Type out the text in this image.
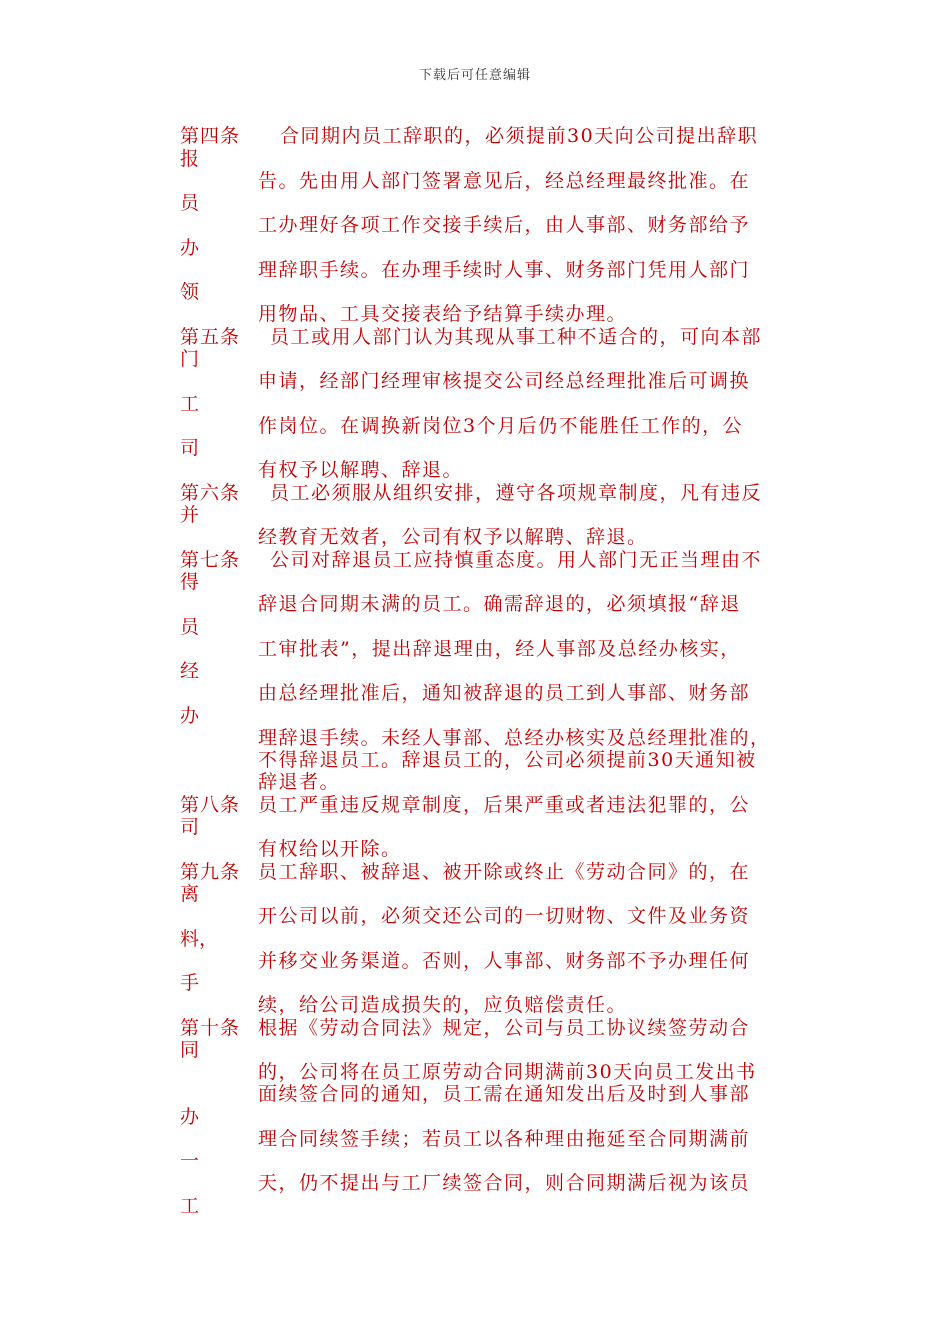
下载后可任意编辑
第四条 合同期内员工辞职的，必须提前30天向公司提出辞职
报
告。先由用人部门签署意见后，经总经理最终批准。在
员
工办理好各项工作交接手续后，由人事部、财务部给予
办
理辞职手续。在办理手续时人事、财务部门凭用人部门
领
用物品、工具交接表给予结算手续办理。
第五条 员工或用人部门认为其现从事工种不适合的，可向本部
门
申请，经部门经理审核提交公司经总经理批准后可调换
工
作岗位。在调换新岗位3个月后仍不能胜任工作的，公
司
有权予以解聘、辞退。
第六条 员工必须服从组织安排，遵守各项规章制度，凡有违反
并
经教育无效者，公司有权予以解聘、辞退。
第七条 公司对辞退员工应持慎重态度。用人部门无正当理由不
得
辞退合同期未满的员工。确需辞退的，必须填报“辞退
员
工审批表”，提出辞退理由，经人事部及总经办核实，
经
由总经理批准后，通知被辞退的员工到人事部、财务部
办
理辞退手续。未经人事部、总经办核实及总经理批准的，
不得辞退员工。辞退员工的，公司必须提前30天通知被
辞退者。
第八条 员工严重违反规章制度，后果严重或者违法犯罪的，公
司
有权给以开除。
第九条 员工辞职、被辞退、被开除或终止《劳动合同》的，在
离
开公司以前，必须交还公司的一切财物、文件及业务资
料，
并移交业务渠道。否则，人事部、财务部不予办理任何
手
续，给公司造成损失的，应负赔偿责任。
第十条 根据《劳动合同法》规定，公司与员工协议续签劳动合
同
的，公司将在员工原劳动合同期满前30天向员工发出书
面续签合同的通知，员工需在通知发出后及时到人事部
办
理合同续签手续；若员工以各种理由拖延至合同期满前
一
天，仍不提出与工厂续签合同，则合同期满后视为该员
工
